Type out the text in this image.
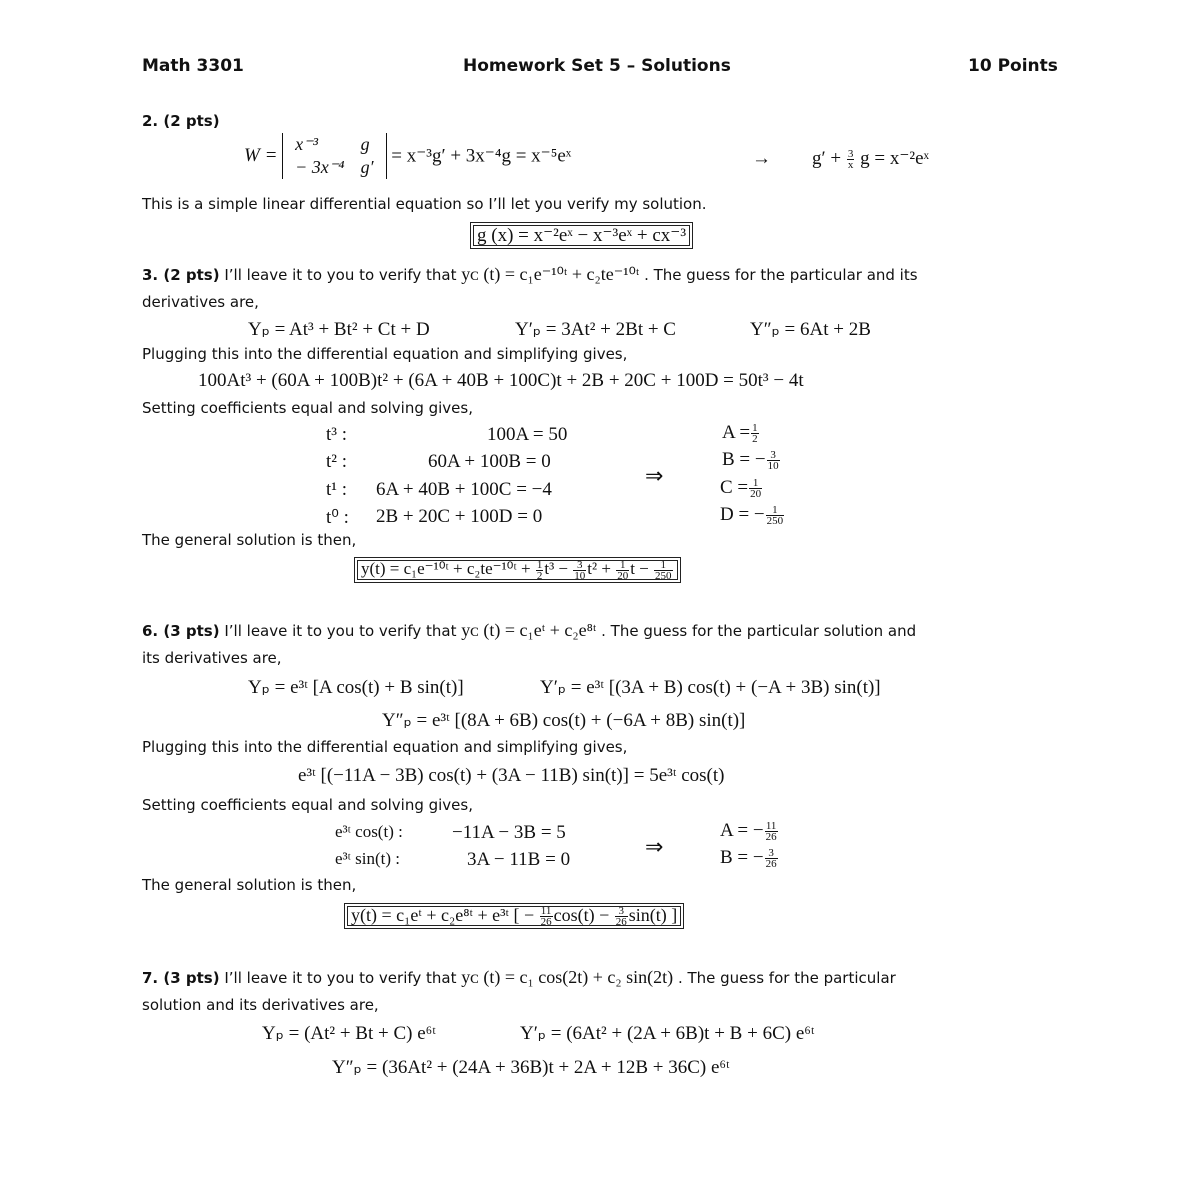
Math 3301	Homework Set 5 – Solutions	10 Points
2. (2 pts)
W =
x⁻³	g
− 3x⁻⁴	g′
= x⁻³g′ + 3x⁻⁴g = x⁻⁵eˣ	→ $g' + \frac{3}{x}$ g = x⁻²eˣ
This is a simple linear differential equation so I’ll let you verify my solution.
g (x) = x⁻²eˣ − x⁻³eˣ + cx⁻³
3. (2 pts) I’ll leave it to you to verify that yᴄ (t) = c₁e⁻¹⁰ᵗ + c₂te⁻¹⁰ᵗ . The guess for the particular and its
derivatives are,
Yₚ = At³ + Bt² + Ct + D	Y′ₚ = 3At² + 2Bt + C	Y″ₚ = 6At + 2B
Plugging this into the differential equation and simplifying gives,
100At³ + (60A + 100B)t² + (6A + 40B + 100C)t + 2B + 20C + 100D = 50t³ − 4t
Setting coefficients equal and solving gives,
t³ :	100A = 50	$A = \frac{1}{2}$
t² :	60A + 100B = 0	B = − $\frac{3}{10}$
⇒
t¹ : 6A + 40B + 100C = −4	$C = \frac{1}{20}$
t⁰ : 2B + 20C + 100D = 0	D = − $\frac{1}{250}$
The general solution is then,
y(t) = c₁e⁻¹⁰ᵗ + c₂te⁻¹⁰ᵗ + $\frac{1}{2} t^3 - \frac{3}{10} t^2 + \frac{1}{20}$ $t - \frac{1}{250}$
6. (3 pts) I’ll leave it to you to verify that yᴄ (t) = c₁eᵗ + c₂e⁸ᵗ . The guess for the particular solution and
its derivatives are,
Yₚ = e³ᵗ [A cos(t) + B sin(t)]	Y′ₚ = e³ᵗ [(3A + B) cos(t) + (−A + 3B) sin(t)]
Y″ₚ = e³ᵗ [(8A + 6B) cos(t) + (−6A + 8B) sin(t)]
Plugging this into the differential equation and simplifying gives,
e³ᵗ [(−11A − 3B) cos(t) + (3A − 11B) sin(t)] = 5e³ᵗ cos(t)
Setting coefficients equal and solving gives,
e³ᵗ cos(t) :	−11A − 3B = 5	A = − $\frac{11}{26}$
⇒
e³ᵗ sin(t) :	3A − 11B = 0	B = − $\frac{3}{26}$
The general solution is then,
y(t) = c₁eᵗ + c₂e⁸ᵗ + e³ᵗ [ − $\frac{11}{26} \cos(t) - \frac{3}{26} \sin(t)$ ]
7. (3 pts) I’ll leave it to you to verify that yᴄ (t) = c₁ cos(2t) + c₂ sin(2t) . The guess for the particular
solution and its derivatives are,
Yₚ = (At² + Bt + C) e⁶ᵗ	Y′ₚ = (6At² + (2A + 6B)t + B + 6C) e⁶ᵗ
Y″ₚ = (36At² + (24A + 36B)t + 2A + 12B + 36C) e⁶ᵗ
